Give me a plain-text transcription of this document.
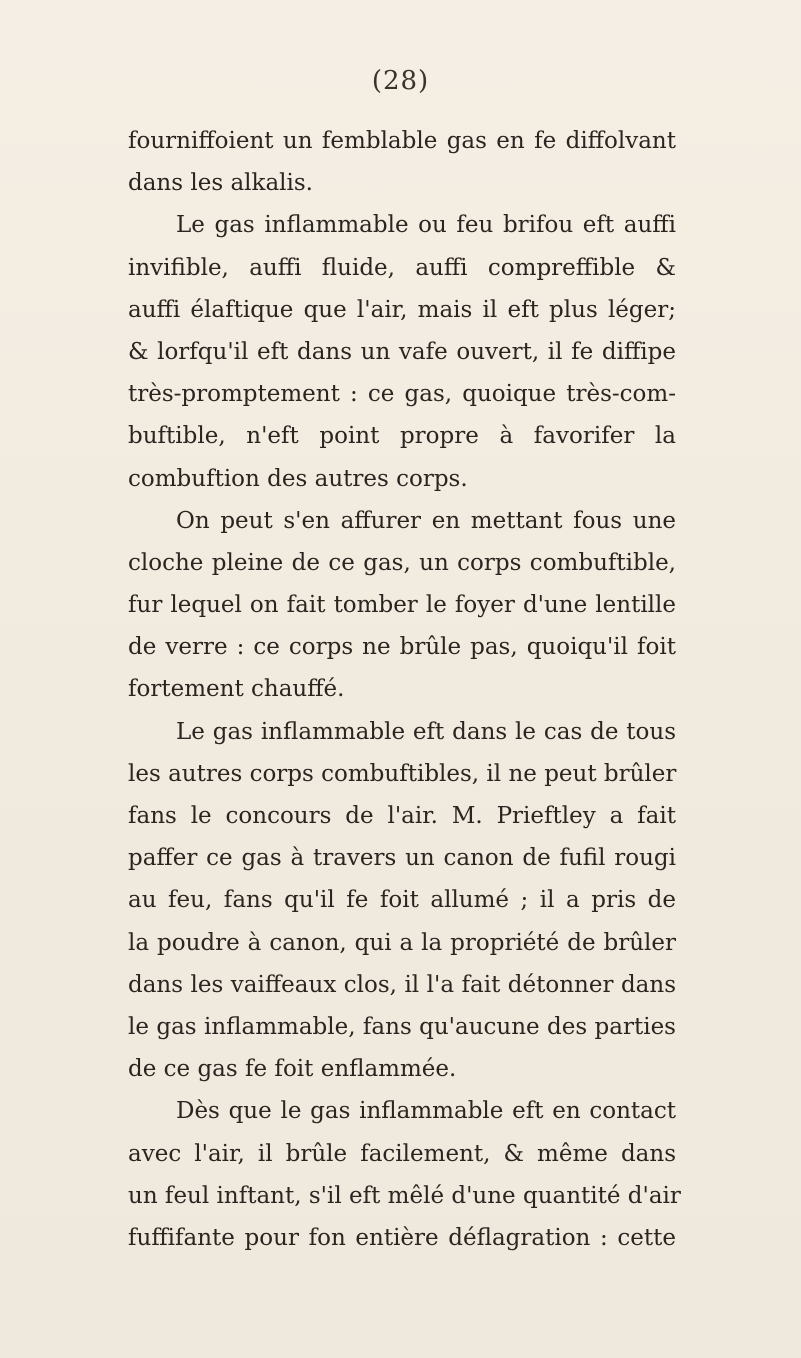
(28)
fourniffoient un femblable gas en fe diffolvant
dans les alkalis.
Le gas inflammable ou feu brifou eft auffi
invifible, auffi fluide, auffi compreffible &
auffi élaftique que l'air, mais il eft plus léger;
& lorfqu'il eft dans un vafe ouvert, il fe diffipe
très-promptement : ce gas, quoique très-com-
buftible, n'eft point propre à favorifer la
combuftion des autres corps.
On peut s'en affurer en mettant fous une
cloche pleine de ce gas, un corps combuftible,
fur lequel on fait tomber le foyer d'une lentille
de verre : ce corps ne brûle pas, quoiqu'il foit
fortement chauffé.
Le gas inflammable eft dans le cas de tous
les autres corps combuftibles, il ne peut brûler
fans le concours de l'air. M. Prieftley a fait
paffer ce gas à travers un canon de fufil rougi
au feu, fans qu'il fe foit allumé ; il a pris de
la poudre à canon, qui a la propriété de brûler
dans les vaiffeaux clos, il l'a fait détonner dans
le gas inflammable, fans qu'aucune des parties
de ce gas fe foit enflammée.
Dès que le gas inflammable eft en contact
avec l'air, il brûle facilement, & même dans
un feul inftant, s'il eft mêlé d'une quantité d'air
fuffifante pour fon entière déflagration : cette
